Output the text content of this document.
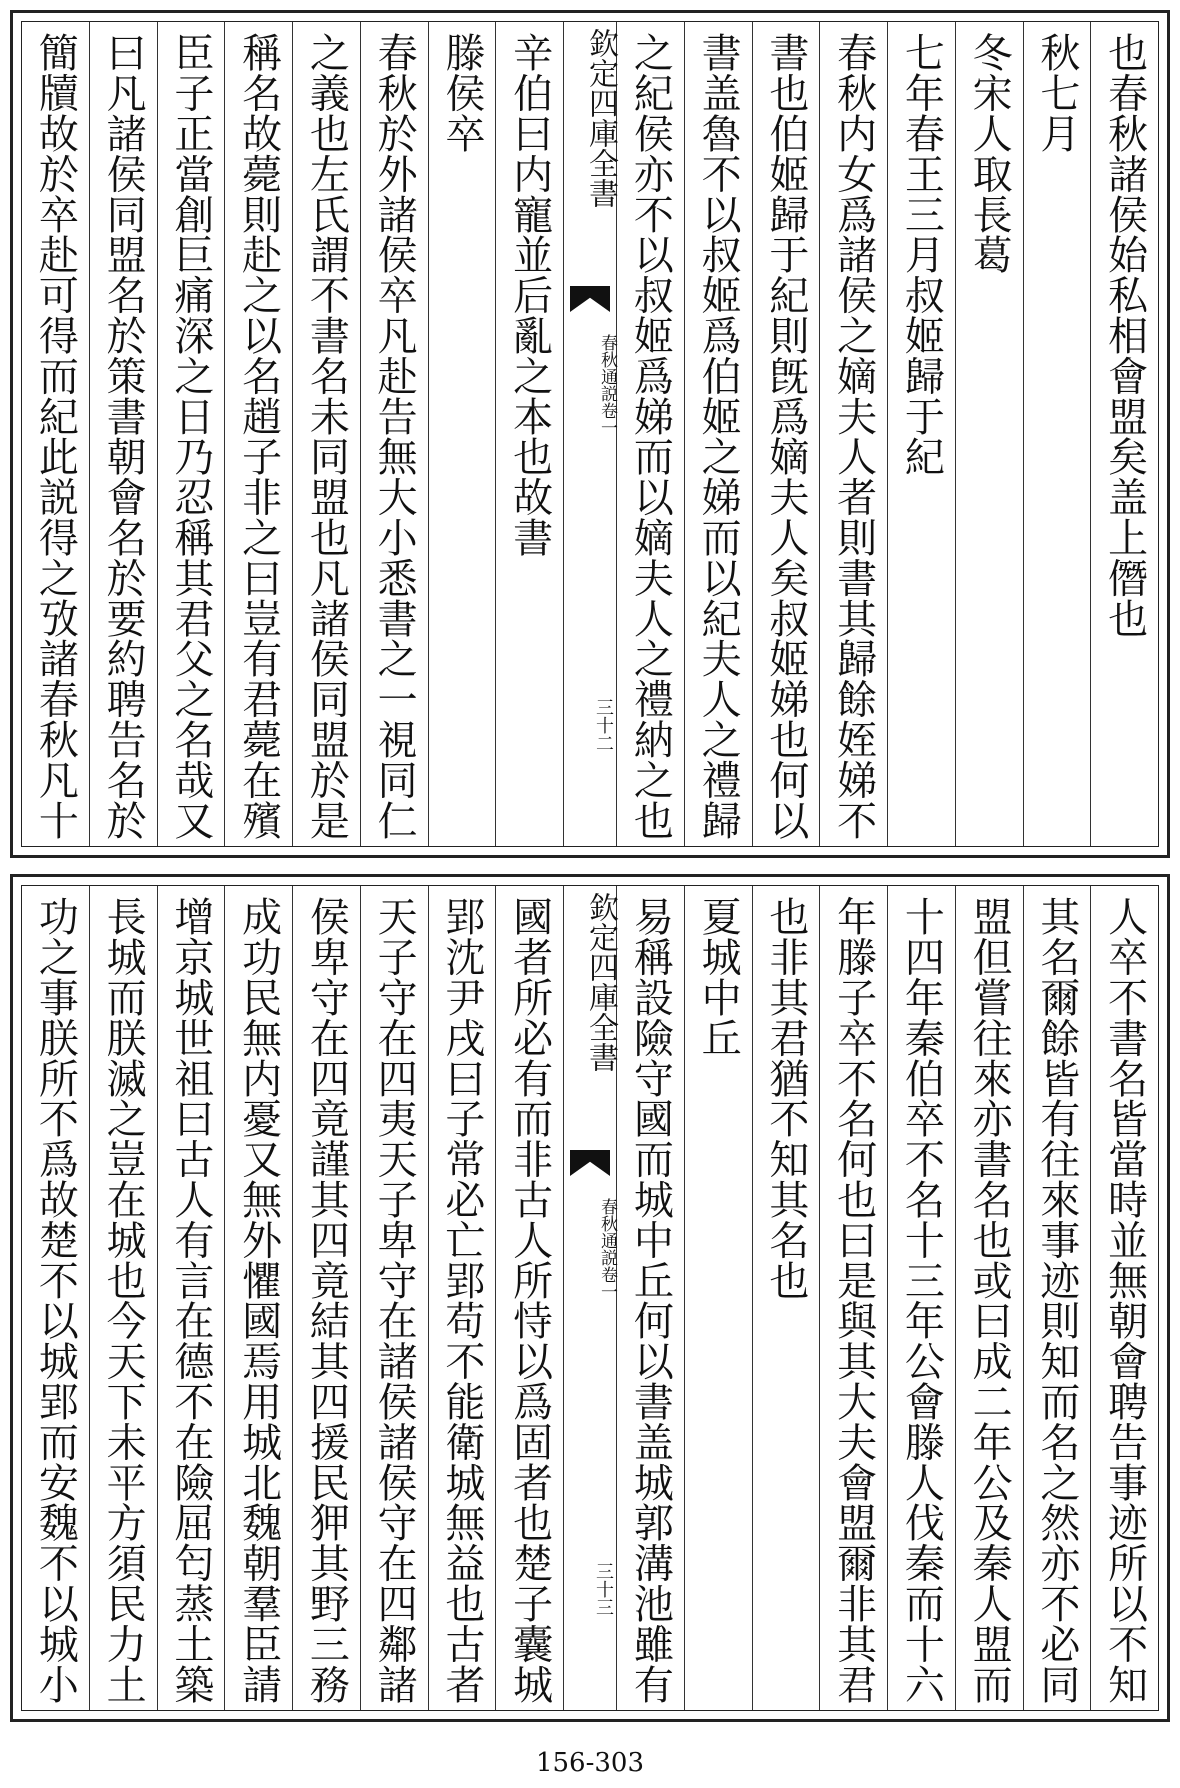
也春秋諸侯始私相會盟矣盖上僭也
秋七月
冬宋人取長葛
七年春王三月叔姬歸于紀
春秋内女爲諸侯之嫡夫人者則書其歸餘姪娣不
書也伯姬歸于紀則旣爲嫡夫人矣叔姬娣也何以
書盖魯不以叔姬爲伯姬之娣而以紀夫人之禮歸
之紀侯亦不以叔姬爲娣而以嫡夫人之禮納之也
欽定四庫全書
春秋通説
卷一
三十二
辛伯曰内寵並后亂之本也故書
滕侯卒
春秋於外諸侯卒凡赴告無大小悉書之一視同仁
之義也左氏謂不書名未同盟也凡諸侯同盟於是
稱名故薨則赴之以名趙子非之曰豈有君薨在殯
臣子正當創巨痛深之日乃忍稱其君父之名哉又
曰凡諸侯同盟名於策書朝會名於要約聘告名於
簡牘故於卒赴可得而紀此説得之攷諸春秋凡十
人卒不書名皆當時並無朝會聘告事迹所以不知
其名爾餘皆有往來事迹則知而名之然亦不必同
盟但嘗往來亦書名也或曰成二年公及秦人盟而
十四年秦伯卒不名十三年公會滕人伐秦而十六
年滕子卒不名何也曰是與其大夫會盟爾非其君
也非其君猶不知其名也
夏城中丘
易稱設險守國而城中丘何以書盖城郭溝池雖有
欽定四庫全書
春秋通説
卷一
三十三
國者所必有而非古人所恃以爲固者也楚子囊城
郢沈尹戌曰子常必亡郢苟不能衛城無益也古者
天子守在四夷天子卑守在諸侯諸侯守在四鄰諸
侯卑守在四竟謹其四竟結其四援民狎其野三務
成功民無内憂又無外懼國焉用城北魏朝羣臣請
增京城世祖曰古人有言在德不在險屈匄蒸土築
長城而朕滅之豈在城也今天下未平方須民力土
功之事朕所不爲故楚不以城郢而安魏不以城小
156-303
